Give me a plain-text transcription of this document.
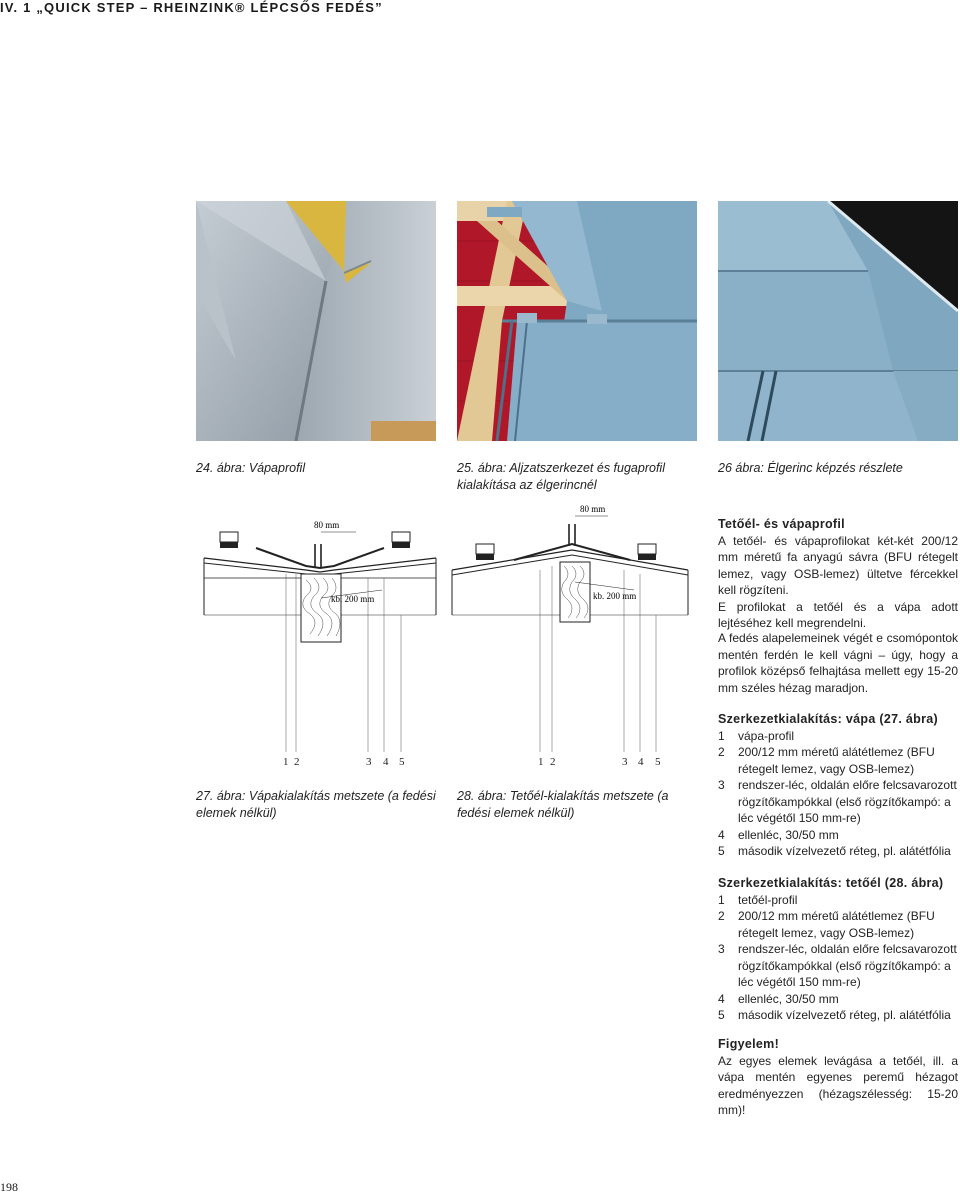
IV. 1 „QUICK STEP – RHEINZINK® LÉPCSŐS FEDÉS”
24. ábra: Vápaprofil	25. ábra: Aljzatszerkezet és fugaprofil kialakítása az élgerincnél
26 ábra: Élgerinc képzés részlete
80 mm
kb. 200 mm
1 2	3 4 5
80 mm
kb. 200 mm
1 2	3 4 5
27. ábra: Vápakialakítás metszete (a fedési elemek nélkül)
28. ábra: Tetőél-kialakítás metszete (a fedési elemek nélkül)
Tetőél- és vápaprofil

A tetőél- és vápaprofilokat két-két 200/12 mm méretű fa anyagú sávra (BFU rétegelt lemez, vagy OSB-lemez) ültetve fércekkel kell rögzíteni.

E profilokat a tetőél és a vápa adott lejtéséhez kell megrendelni.

A fedés alapelemeinek végét e csomópontok mentén ferdén le kell vágni – úgy, hogy a profilok középső felhajtása mellett egy 15-20 mm széles hézag maradjon.

Szerkezetkialakítás: vápa (27. ábra)
1	vápa-profil
2	200/12 mm méretű alátétlemez (BFU rétegelt lemez, vagy OSB-lemez)
3	rendszer-léc, oldalán előre felcsavarozott rögzítőkampókkal (első rögzítőkampó: a léc végétől 150 mm-re)
4	ellenléc, 30/50 mm
5	második vízelvezető réteg, pl. alátétfólia
Szerkezetkialakítás: tetőél (28. ábra)
1	tetőél-profil
2	200/12 mm méretű alátétlemez (BFU rétegelt lemez, vagy OSB-lemez)
3	rendszer-léc, oldalán előre felcsavarozott rögzítőkampókkal (első rögzítőkampó: a léc végétől 150 mm-re)
4	ellenléc, 30/50 mm
5	második vízelvezető réteg, pl. alátétfólia
Figyelem!

Az egyes elemek levágása a tetőél, ill. a vápa mentén egyenes peremű hézagot eredményezzen (hézagszélesség: 15-20 mm)!

198
